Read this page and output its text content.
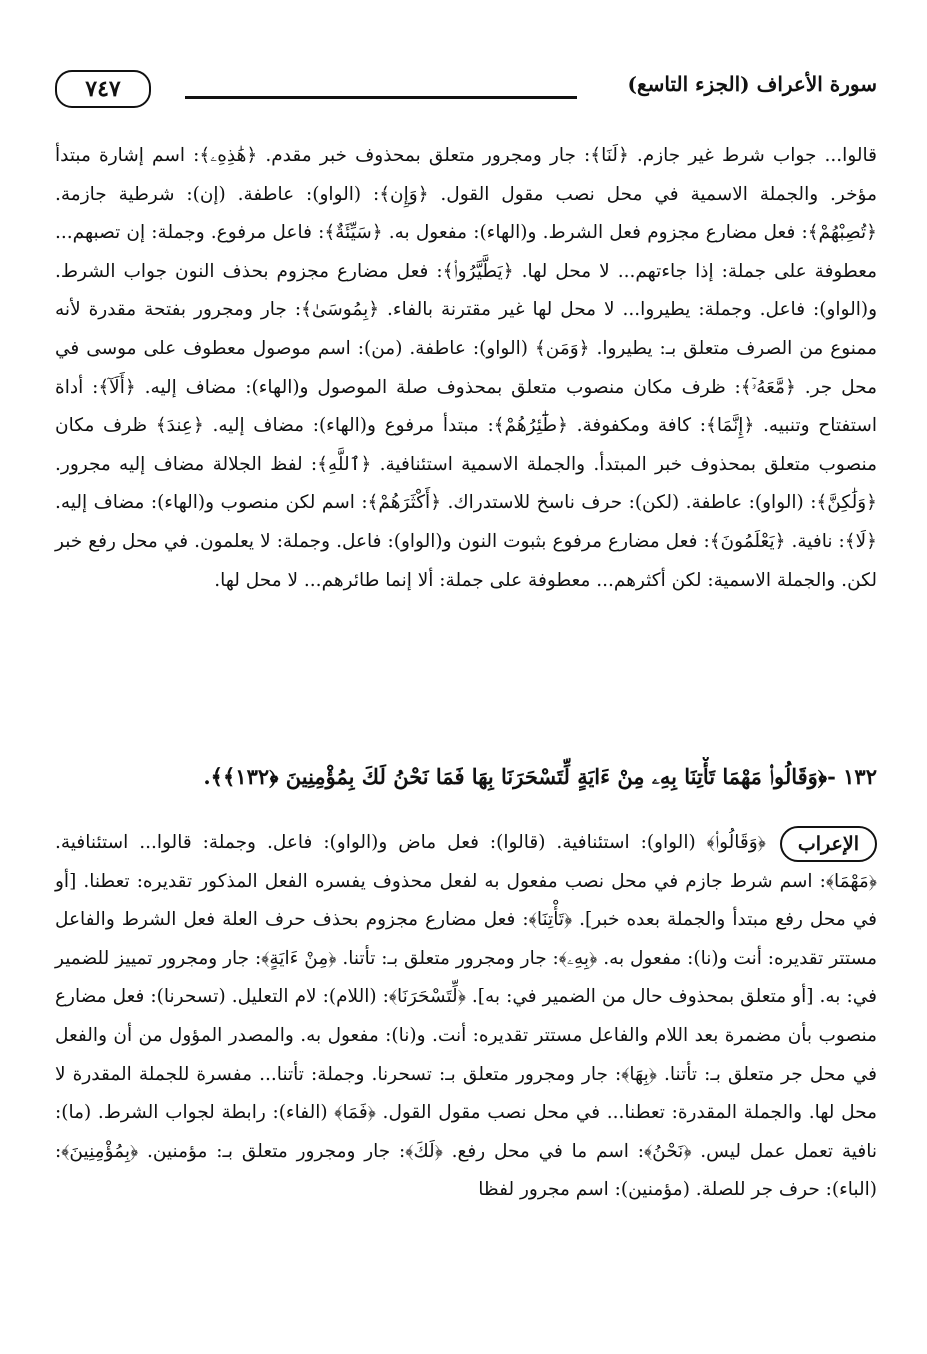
سورة الأعراف (الجزء التاسع)
٧٤٧
قالوا... جواب شرط غير جازم. ﴿لَنَا﴾: جار ومجرور متعلق بمحذوف خبر مقدم. ﴿هَٰذِهِۦ﴾: اسم إشارة مبتدأ مؤخر. والجملة الاسمية في محل نصب مقول القول. ﴿وَإِن﴾: (الواو): عاطفة. (إن): شرطية جازمة. ﴿تُصِبْهُمْ﴾: فعل مضارع مجزوم فعل الشرط. و(الهاء): مفعول به. ﴿سَيِّئَةٌ﴾: فاعل مرفوع. وجملة: إن تصبهم... معطوفة على جملة: إذا جاءتهم... لا محل لها. ﴿يَطَّيَّرُوا۟﴾: فعل مضارع مجزوم بحذف النون جواب الشرط. و(الواو): فاعل. وجملة: يطيروا... لا محل لها غير مقترنة بالفاء. ﴿بِمُوسَىٰ﴾: جار ومجرور بفتحة مقدرة لأنه ممنوع من الصرف متعلق بـ: يطيروا. ﴿وَمَن﴾ (الواو): عاطفة. (من): اسم موصول معطوف على موسى في محل جر. ﴿مَّعَهُۥٓ﴾: ظرف مكان منصوب متعلق بمحذوف صلة الموصول و(الهاء): مضاف إليه. ﴿أَلَآ﴾: أداة استفتاح وتنبيه. ﴿إِنَّمَا﴾: كافة ومكفوفة. ﴿طَٰٓئِرُهُمْ﴾: مبتدأ مرفوع و(الهاء): مضاف إليه. ﴿عِندَ﴾ ظرف مكان منصوب متعلق بمحذوف خبر المبتدأ. والجملة الاسمية استئنافية. ﴿ٱللَّهِ﴾: لفظ الجلالة مضاف إليه مجرور. ﴿وَلَٰكِنَّ﴾: (الواو): عاطفة. (لكن): حرف ناسخ للاستدراك. ﴿أَكْثَرَهُمْ﴾: اسم لكن منصوب و(الهاء): مضاف إليه. ﴿لَا﴾: نافية. ﴿يَعْلَمُونَ﴾: فعل مضارع مرفوع بثبوت النون و(الواو): فاعل. وجملة: لا يعلمون. في محل رفع خبر لكن. والجملة الاسمية: لكن أكثرهم... معطوفة على جملة: ألا إنما طائرهم... لا محل لها.
١٣٢ -﴿وَقَالُوا۟ مَهْمَا تَأْتِنَا بِهِۦ مِنْ ءَايَةٍ لِّتَسْحَرَنَا بِهَا فَمَا نَحْنُ لَكَ بِمُؤْمِنِينَ ﴿١٣٢﴾﴾.
الإعراب
﴿وَقَالُوا۟﴾ (الواو): استئنافية. (قالوا): فعل ماض و(الواو): فاعل. وجملة: قالوا... استئنافية. ﴿مَهْمَا﴾: اسم شرط جازم في محل نصب مفعول به لفعل محذوف يفسره الفعل المذكور تقديره: تعطنا. [أو في محل رفع مبتدأ والجملة بعده خبر]. ﴿تَأْتِنَا﴾: فعل مضارع مجزوم بحذف حرف العلة فعل الشرط والفاعل مستتر تقديره: أنت و(نا): مفعول به. ﴿بِهِۦ﴾: جار ومجرور متعلق بـ: تأتنا. ﴿مِنْ ءَايَةٍ﴾: جار ومجرور تمييز للضمير في: به. [أو متعلق بمحذوف حال من الضمير في: به]. ﴿لِّتَسْحَرَنَا﴾: (اللام): لام التعليل. (تسحرنا): فعل مضارع منصوب بأن مضمرة بعد اللام والفاعل مستتر تقديره: أنت. و(نا): مفعول به. والمصدر المؤول من أن والفعل في محل جر متعلق بـ: تأتنا. ﴿بِهَا﴾: جار ومجرور متعلق بـ: تسحرنا. وجملة: تأتنا... مفسرة للجملة المقدرة لا محل لها. والجملة المقدرة: تعطنا... في محل نصب مقول القول. ﴿فَمَا﴾ (الفاء): رابطة لجواب الشرط. (ما): نافية تعمل عمل ليس. ﴿نَحْنُ﴾: اسم ما في محل رفع. ﴿لَكَ﴾: جار ومجرور متعلق بـ: مؤمنين. ﴿بِمُؤْمِنِينَ﴾: (الباء): حرف جر للصلة. (مؤمنين): اسم مجرور لفظا
